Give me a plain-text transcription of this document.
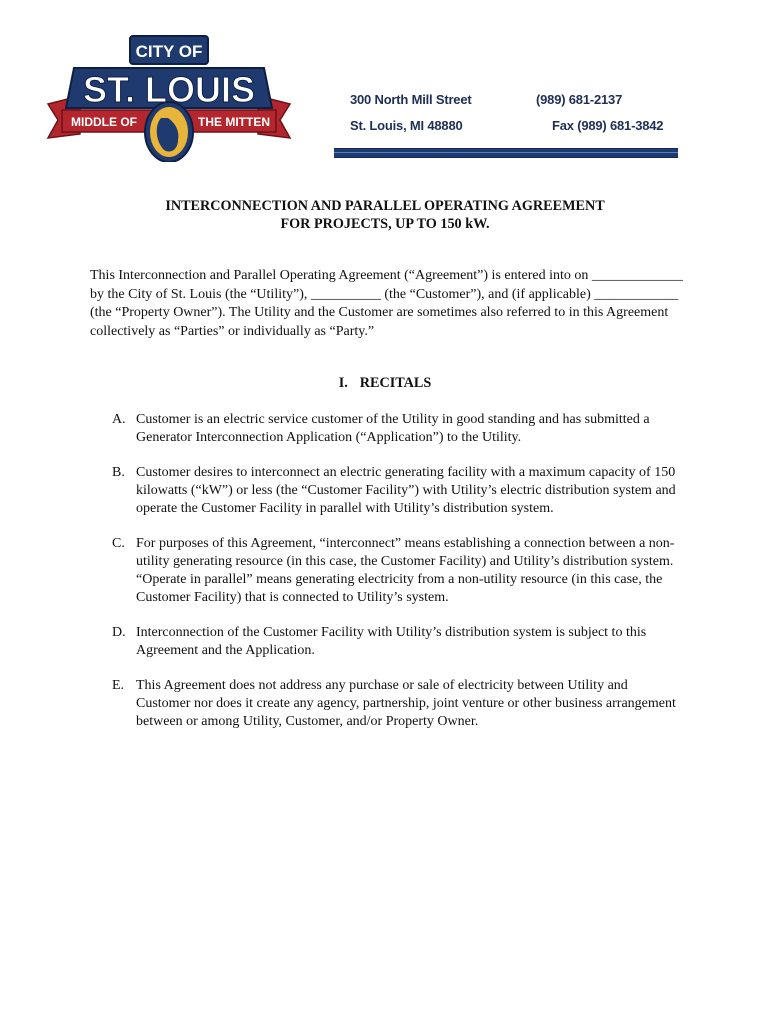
CITY OF
ST. LOUIS
MIDDLE OF	THE MITTEN
300 North Mill Street
St. Louis, MI 48880
(989) 681-2137
Fax (989) 681-3842
INTERCONNECTION AND PARALLEL OPERATING AGREEMENT
FOR PROJECTS, UP TO 150 kW.

This Interconnection and Parallel Operating Agreement (“Agreement”) is entered into on _____________ by the City of St. Louis (the “Utility”), __________ (the “Customer”), and (if applicable) ____________ (the “Property Owner”). The Utility and the Customer are sometimes also referred to in this Agreement collectively as “Parties” or individually as “Party.”

I. RECITALS
A. Customer is an electric service customer of the Utility in good standing and has submitted a Generator Interconnection Application (“Application”) to the Utility.
B. Customer desires to interconnect an electric generating facility with a maximum capacity of 150 kilowatts (“kW”) or less (the “Customer Facility”) with Utility’s electric distribution system and operate the Customer Facility in parallel with Utility’s distribution system.
C. For purposes of this Agreement, “interconnect” means establishing a connection between a non-utility generating resource (in this case, the Customer Facility) and Utility’s distribution system. “Operate in parallel” means generating electricity from a non-utility resource (in this case, the Customer Facility) that is connected to Utility’s system.
D. Interconnection of the Customer Facility with Utility’s distribution system is subject to this Agreement and the Application.
E. This Agreement does not address any purchase or sale of electricity between Utility and Customer nor does it create any agency, partnership, joint venture or other business arrangement between or among Utility, Customer, and/or Property Owner.
